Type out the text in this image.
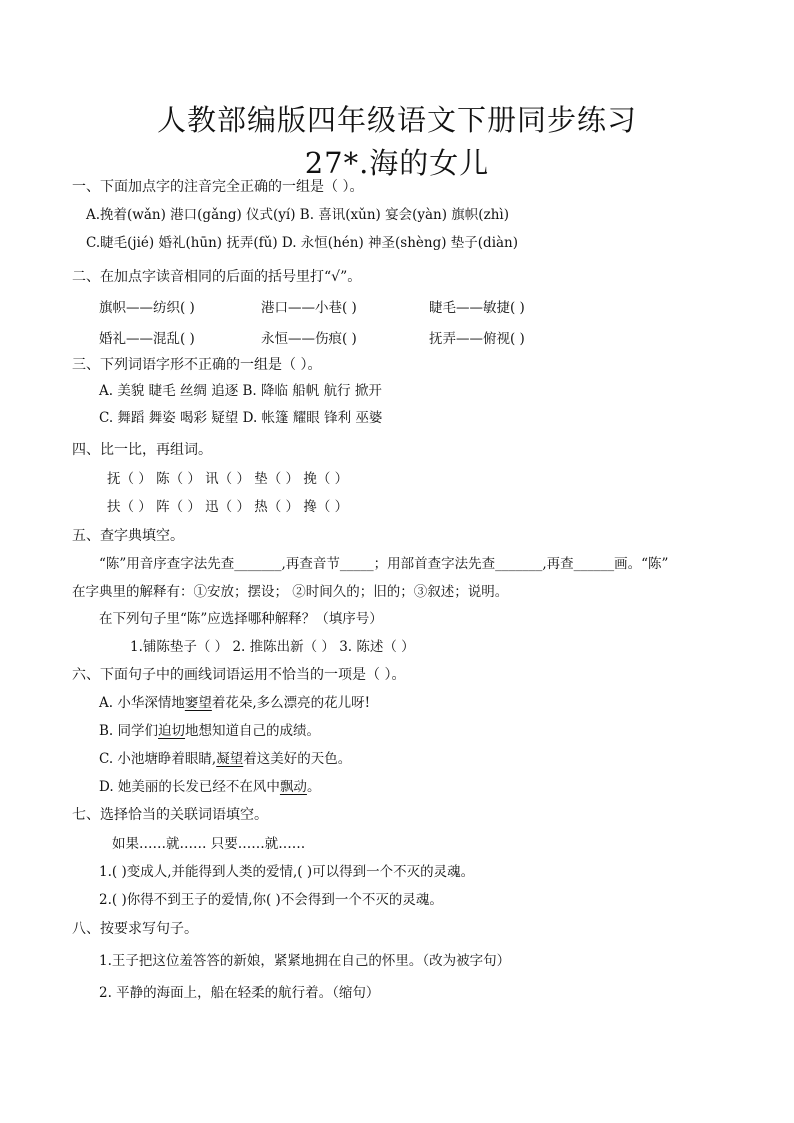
人教部编版四年级语文下册同步练习
27*.海的女儿
一、下面加点字的注音完全正确的一组是（ ）。
A.挽着(wǎn) 港口(gǎng) 仪式(yí) B. 喜讯(xǔn) 宴会(yàn) 旗帜(zhì)
C.睫毛(jié) 婚礼(hūn) 抚弄(fǔ) D. 永恒(hén) 神圣(shèng) 垫子(diàn)
二、在加点字读音相同的后面的括号里打“√”。
旗帜——纺织( )	港口——小巷( )	睫毛——敏捷( )
婚礼——混乱( )	永恒——伤痕( )	抚弄——俯视( )
三、下列词语字形不正确的一组是（ ）。
A. 美貌 睫毛 丝绸 追逐 B. 降临 船帆 航行 掀开
C. 舞蹈 舞姿 喝彩 疑望 D. 帐篷 耀眼 锋利 巫婆
四、比一比，再组词。
抚（ ） 陈（ ） 讯（ ） 垫（ ） 挽（ ）
扶（ ） 阵（ ） 迅（ ） 热（ ） 搀（ ）
五、查字典填空。
“陈”用音序查字法先查_______,再查音节_____；用部首查字法先查_______,再查______画。“陈”
在字典里的解释有：①安放；摆设； ②时间久的；旧的；③叙述；说明。
在下列句子里“陈”应选择哪种解释？（填序号）
1.铺陈垫子（ ） 2. 推陈出新（ ） 3. 陈述（ ）
六、下面句子中的画线词语运用不恰当的一项是（ ）。
A. 小华深情地窭望着花朵,多么漂亮的花儿呀!
B. 同学们迫切地想知道自己的成绩。
C. 小池塘睁着眼睛,凝望着这美好的天色。
D. 她美丽的长发已经不在风中飘动。
七、选择恰当的关联词语填空。
如果……就…… 只要……就……
1.( )变成人,并能得到人类的爱情,( )可以得到一个不灭的灵魂。
2.( )你得不到王子的爱情,你( )不会得到一个不灭的灵魂。
八、按要求写句子。
1.王子把这位羞答答的新娘，紧紧地拥在自己的怀里。（改为被字句）
2. 平静的海面上，船在轻柔的航行着。（缩句）
